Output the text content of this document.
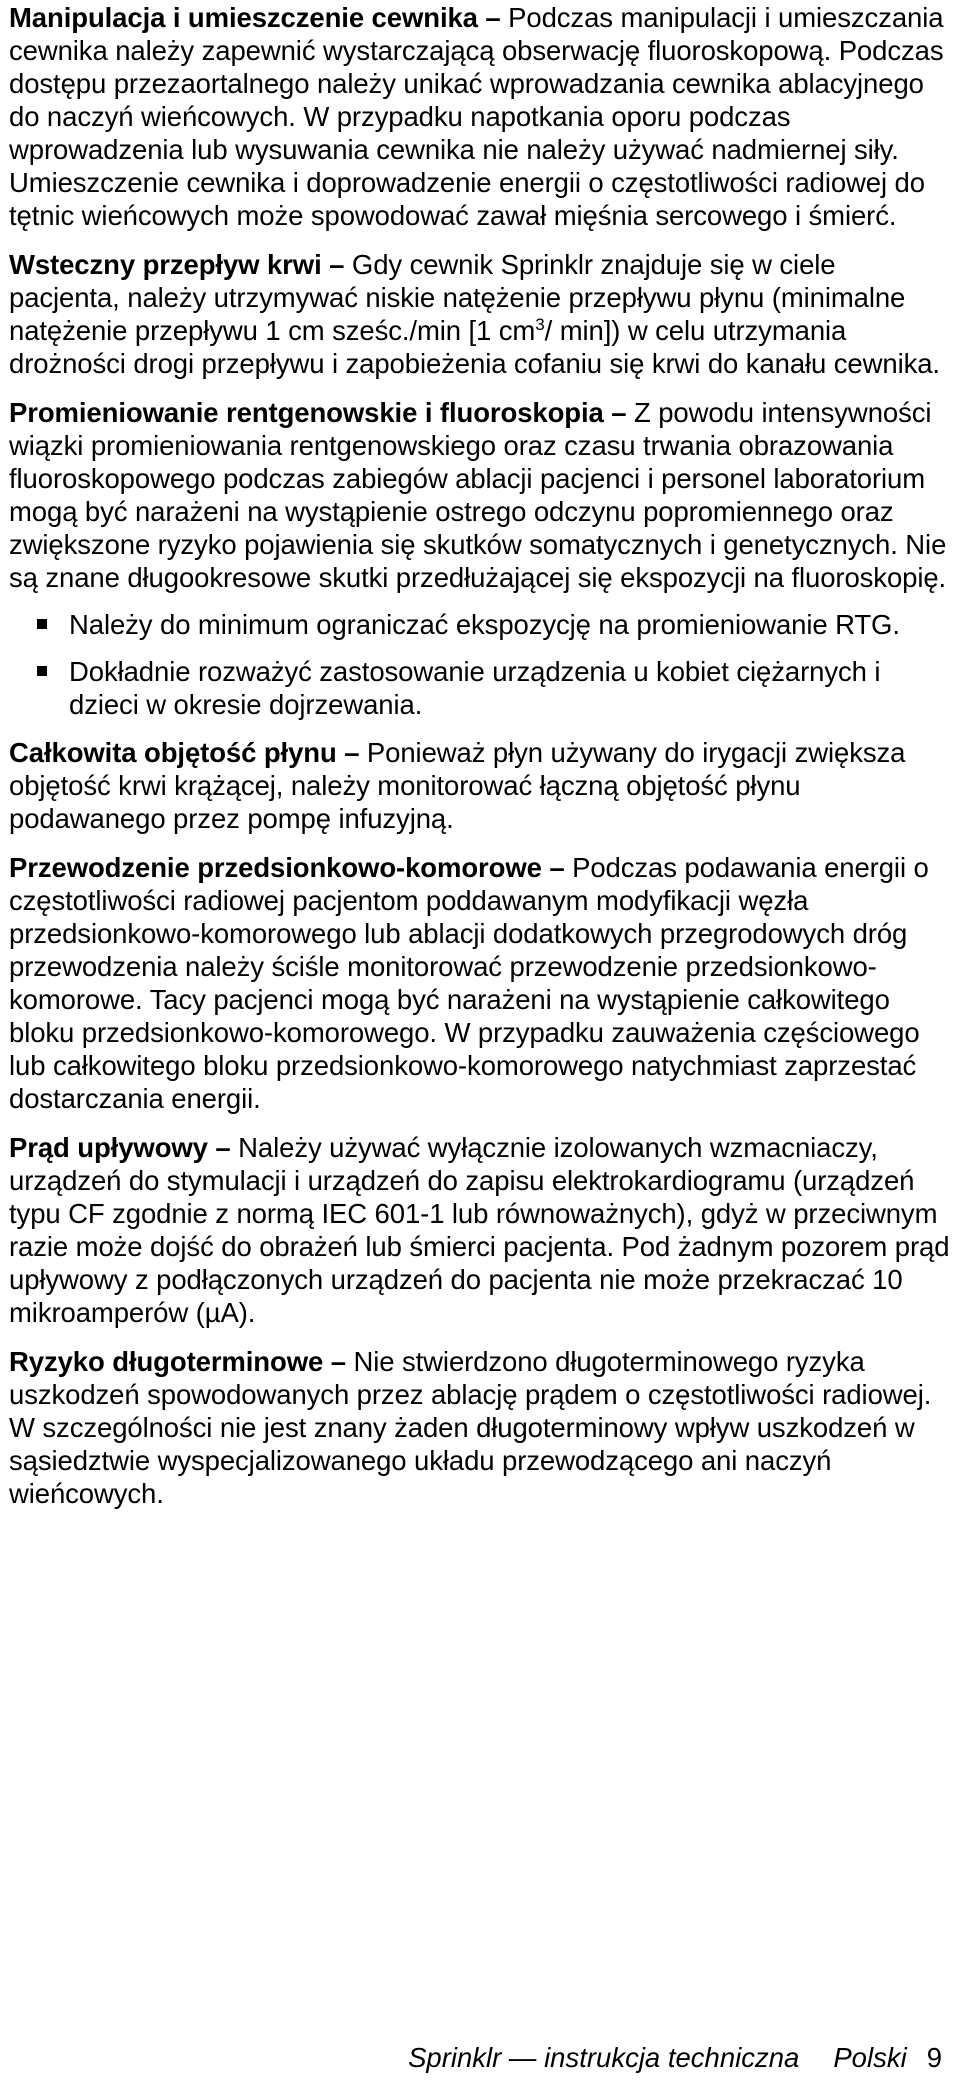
Manipulacja i umieszczenie cewnika – Podczas manipulacji i umieszczania cewnika należy zapewnić wystarczającą obserwację fluoroskopową. Podczas dostępu przezaortalnego należy unikać wprowadzania cewnika ablacyjnego do naczyń wieńcowych. W przypadku napotkania oporu podczas wprowadzenia lub wysuwania cewnika nie należy używać nadmiernej siły. Umieszczenie cewnika i doprowadzenie energii o częstotliwości radiowej do tętnic wieńcowych może spowodować zawał mięśnia sercowego i śmierć.

Wsteczny przepływ krwi – Gdy cewnik Sprinklr znajduje się w ciele pacjenta, należy utrzymywać niskie natężenie przepływu płynu (minimalne natężenie przepływu 1 cm sześc./min [1 $cm^3/$ min]) w celu utrzymania drożności drogi przepływu i zapobieżenia cofaniu się krwi do kanału cewnika.

Promieniowanie rentgenowskie i fluoroskopia – Z powodu intensywności wiązki promieniowania rentgenowskiego oraz czasu trwania obrazowania fluoroskopowego podczas zabiegów ablacji pacjenci i personel laboratorium mogą być narażeni na wystąpienie ostrego odczynu popromiennego oraz zwiększone ryzyko pojawienia się skutków somatycznych i genetycznych. Nie są znane długookresowe skutki przedłużającej się ekspozycji na fluoroskopię.

Należy do minimum ograniczać ekspozycję na promieniowanie RTG.
Dokładnie rozważyć zastosowanie urządzenia u kobiet ciężarnych i dzieci w okresie dojrzewania.

Całkowita objętość płynu – Ponieważ płyn używany do irygacji zwiększa objętość krwi krążącej, należy monitorować łączną objętość płynu podawanego przez pompę infuzyjną.

Przewodzenie przedsionkowo-komorowe – Podczas podawania energii o częstotliwości radiowej pacjentom poddawanym modyfikacji węzła przedsionkowo-komorowego lub ablacji dodatkowych przegrodowych dróg przewodzenia należy ściśle monitorować przewodzenie przedsionkowo-komorowe. Tacy pacjenci mogą być narażeni na wystąpienie całkowitego bloku przedsionkowo-komorowego. W przypadku zauważenia częściowego lub całkowitego bloku przedsionkowo-komorowego natychmiast zaprzestać dostarczania energii.

Prąd upływowy – Należy używać wyłącznie izolowanych wzmacniaczy, urządzeń do stymulacji i urządzeń do zapisu elektrokardiogramu (urządzeń typu CF zgodnie z normą IEC 601-1 lub równoważnych), gdyż w przeciwnym razie może dojść do obrażeń lub śmierci pacjenta. Pod żadnym pozorem prąd upływowy z podłączonych urządzeń do pacjenta nie może przekraczać 10 mikroamperów (µA).

Ryzyko długoterminowe – Nie stwierdzono długoterminowego ryzyka uszkodzeń spowodowanych przez ablację prądem o częstotliwości radiowej. W szczególności nie jest znany żaden długoterminowy wpływ uszkodzeń w sąsiedztwie wyspecjalizowanego układu przewodzącego ani naczyń wieńcowych.

Sprinklr — instrukcja techniczna Polski 9
